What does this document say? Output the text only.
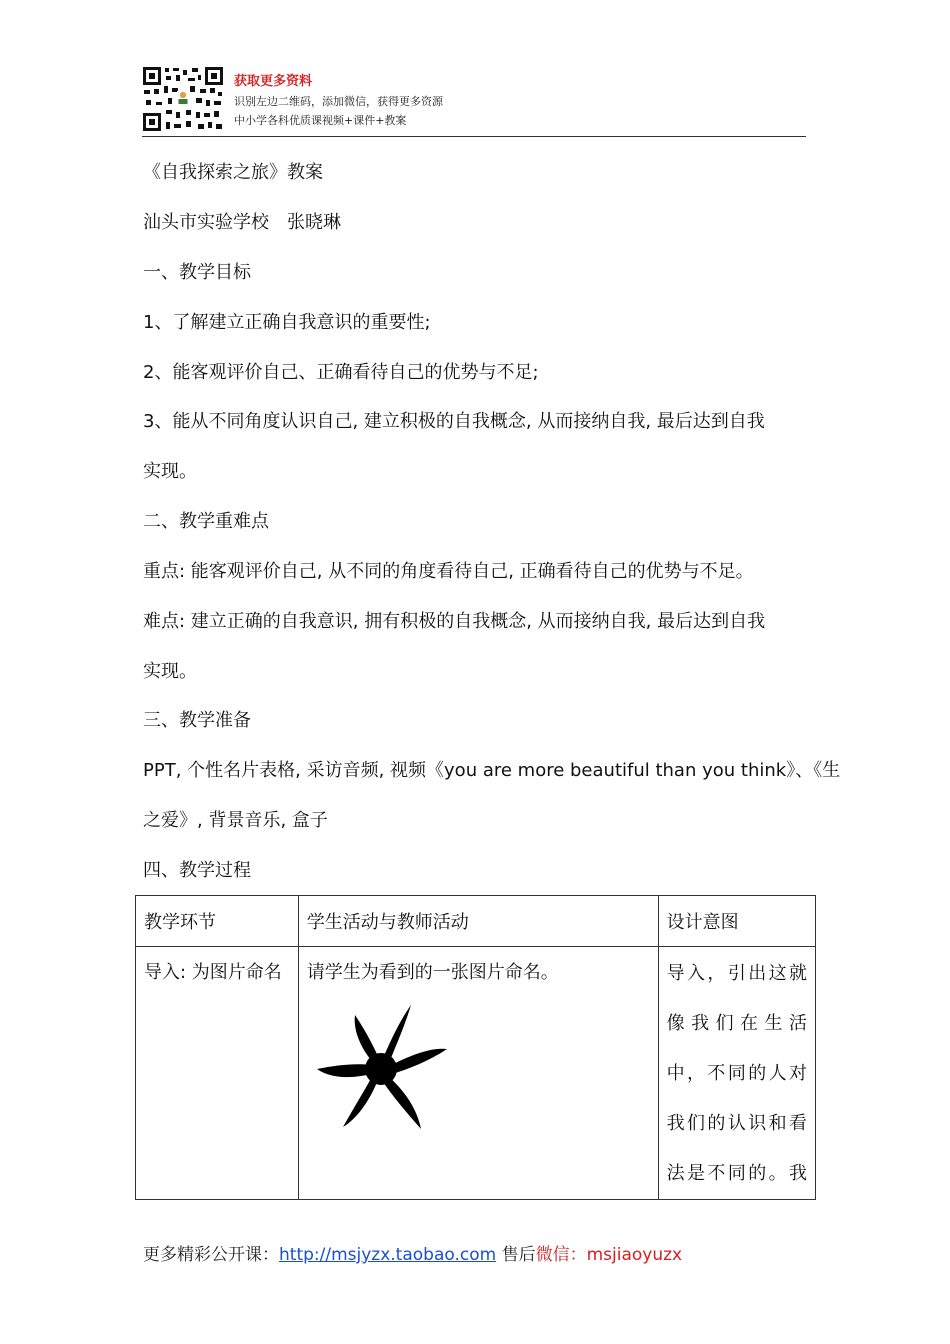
获取更多资料
识别左边二维码，添加微信，获得更多资源
中小学各科优质课视频+课件+教案

《自我探索之旅》教案

汕头市实验学校　张晓琳

一、教学目标

1、了解建立正确自我意识的重要性;

2、能客观评价自己、正确看待自己的优势与不足;

3、能从不同角度认识自己, 建立积极的自我概念, 从而接纳自我, 最后达到自我

实现。

二、教学重难点

重点: 能客观评价自己, 从不同的角度看待自己, 正确看待自己的优势与不足。

难点: 建立正确的自我意识, 拥有积极的自我概念, 从而接纳自我, 最后达到自我

实现。

三、教学准备

PPT, 个性名片表格, 采访音频, 视频《you are more beautiful than you think》、《生

之爱》, 背景音乐, 盒子

四、教学过程

教学环节	学生活动与教师活动	设计意图

导入: 为图片命名	请学生为看到的一张图片命名。	导入，引出这就
像我们在生活
中，不同的人对
我们的认识和看
法是不同的。我
更多精彩公开课：http://msjyzx.taobao.com 售后微信：msjiaoyuzx
